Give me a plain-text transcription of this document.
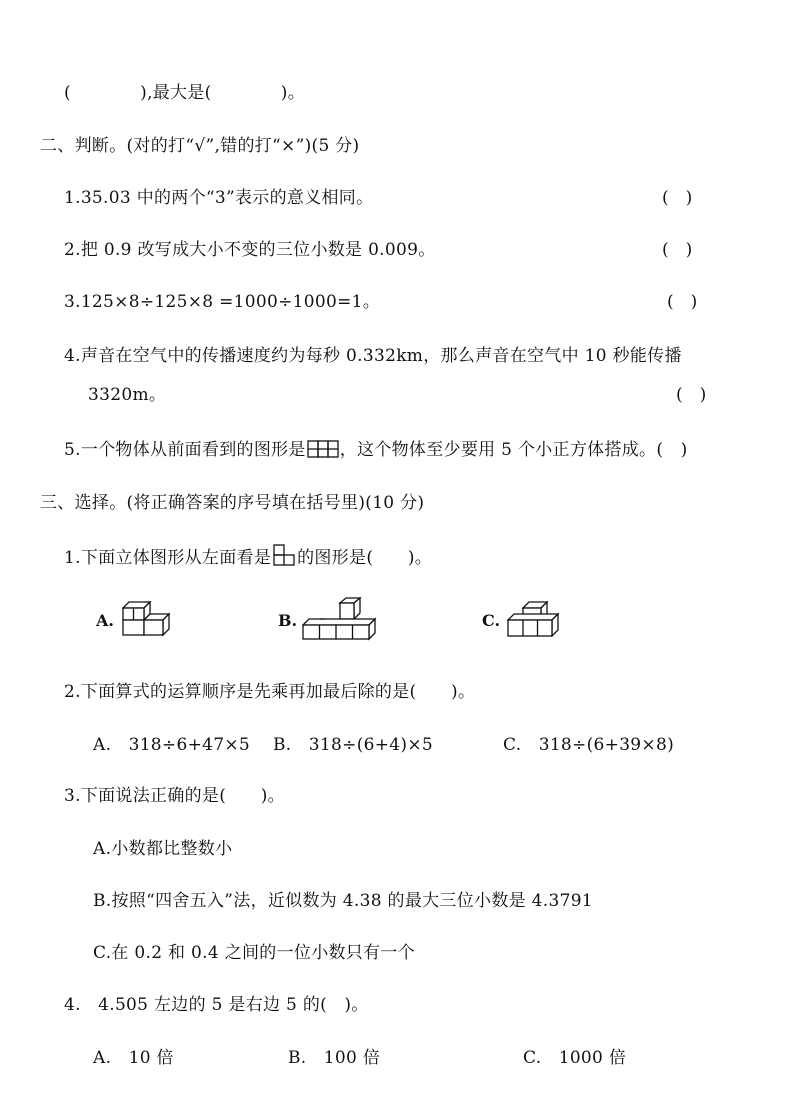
(　　　　),最大是(　　　　)。
二、判断。(对的打“√”,错的打“×”)(5 分)
1.35.03 中的两个“3”表示的意义相同。	(　)
2.把 0.9 改写成大小不变的三位小数是 0.009。	(　)
3.125×8÷125×8 =1000÷1000=1。	(　)
4.声音在空气中的传播速度约为每秒 0.332km，那么声音在空气中 10 秒能传播
3320m。	(　)
5.一个物体从前面看到的图形是 ，这个物体至少要用 5 个小正方体搭成。(　)
三、选择。(将正确答案的序号填在括号里)(10 分)
1.下面立体图形从左面看是 的图形是(　　)。
A.	B.	C.
2.下面算式的运算顺序是先乘再加最后除的是(　　)。
A.　318÷6+47×5 B.　318÷(6+4)×5	C.　318÷(6+39×8)
3.下面说法正确的是(　　)。
A.小数都比整数小
B.按照“四舍五入”法，近似数为 4.38 的最大三位小数是 4.3791
C.在 0.2 和 0.4 之间的一位小数只有一个
4.　4.505 左边的 5 是右边 5 的(　)。
A.　10 倍	B.　100 倍	C.　1000 倍
